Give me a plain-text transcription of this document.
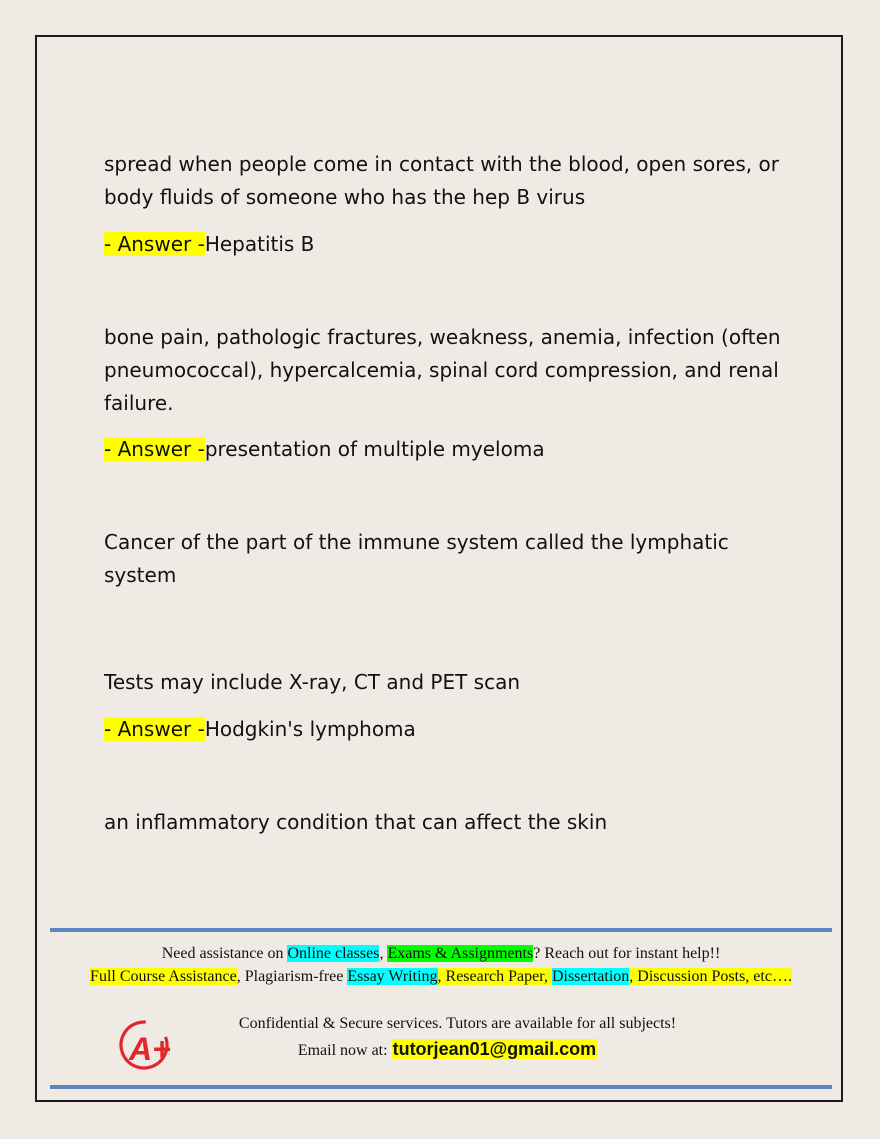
spread when people come in contact with the blood, open sores, or body fluids of someone who has the hep B virus
- Answer -Hepatitis B
bone pain, pathologic fractures, weakness, anemia, infection (often pneumococcal), hypercalcemia, spinal cord compression, and renal failure.
- Answer -presentation of multiple myeloma
Cancer of the part of the immune system called the lymphatic system
Tests may include X-ray, CT and PET scan
- Answer -Hodgkin's lymphoma
an inflammatory condition that can affect the skin
Need assistance on Online classes, Exams & Assignments? Reach out for instant help!!
Full Course Assistance, Plagiarism-free Essay Writing, Research Paper, Dissertation, Discussion Posts, etc….
A+
Confidential & Secure services. Tutors are available for all subjects!
Email now at: tutorjean01@gmail.com
